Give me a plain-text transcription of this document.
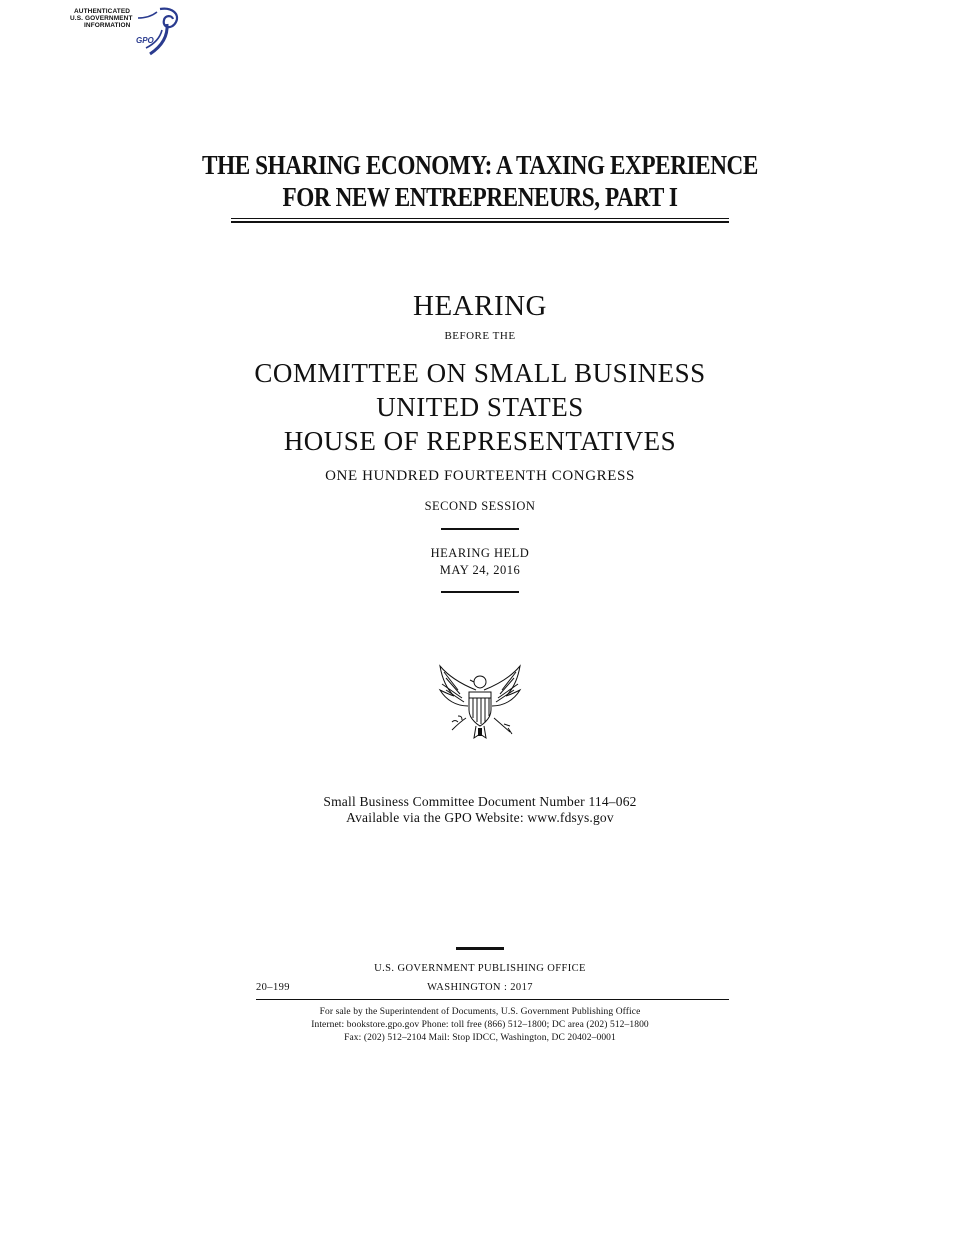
AUTHENTICATED
U.S. GOVERNMENT
INFORMATION
GPO
THE SHARING ECONOMY: A TAXING EXPERIENCE
FOR NEW ENTREPRENEURS, PART I
HEARING
BEFORE THE
COMMITTEE ON SMALL BUSINESS
UNITED STATES
HOUSE OF REPRESENTATIVES
ONE HUNDRED FOURTEENTH CONGRESS
SECOND SESSION
HEARING HELD
MAY 24, 2016
Small Business Committee Document Number 114–062
Available via the GPO Website: www.fdsys.gov
U.S. GOVERNMENT PUBLISHING OFFICE
20–199	WASHINGTON : 2017
For sale by the Superintendent of Documents, U.S. Government Publishing Office
Internet: bookstore.gpo.gov Phone: toll free (866) 512–1800; DC area (202) 512–1800
Fax: (202) 512–2104 Mail: Stop IDCC, Washington, DC 20402–0001
